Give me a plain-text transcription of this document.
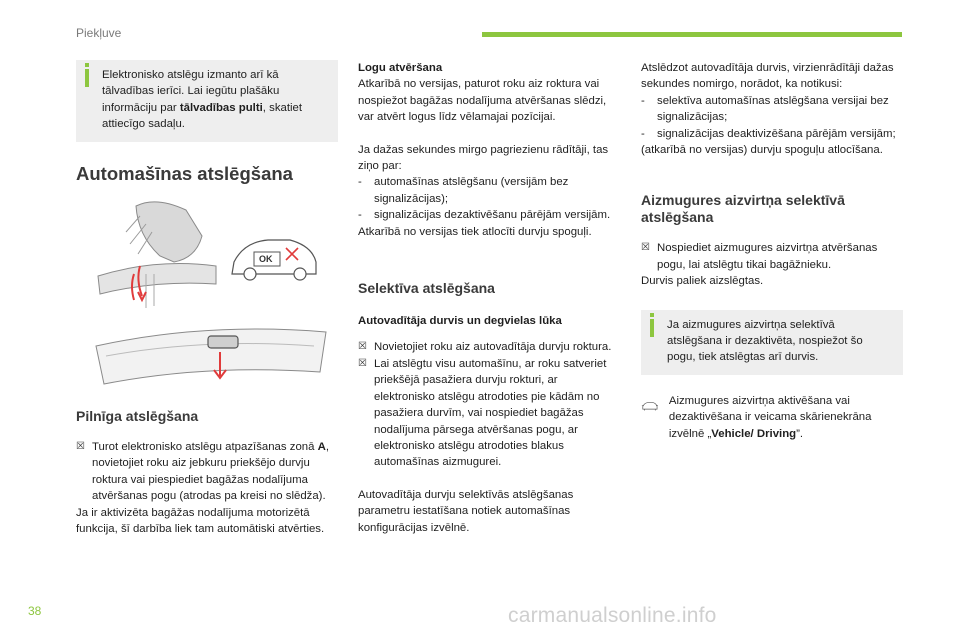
Piekļuve

Elektronisko atslēgu izmanto arī kā tālvadības ierīci. Lai iegūtu plašāku informāciju par tālvadības pulti, skatiet attiecīgo sadaļu.

Automašīnas atslēgšana
OK
Pilnīga atslēgšana
☒ Turot elektronisko atslēgu atpazīšanas zonā A, novietojiet roku aiz jebkuru priekšējo durvju roktura vai piespiediet bagāžas nodalījuma atvēršanas pogu (atrodas pa kreisi no slēdža).

Ja ir aktivizēta bagāžas nodalījuma motorizētā funkcija, šī darbība liek tam automātiski atvērties.

Logu atvēršana

Atkarībā no versijas, paturot roku aiz roktura vai nospiežot bagāžas nodalījuma atvēršanas slēdzi, var atvērt logus līdz vēlamajai pozīcijai.

Ja dažas sekundes mirgo pagriezienu rādītāji, tas ziņo par:

-	automašīnas atslēgšanu (versijām bez signalizācijas);

-	signalizācijas dezaktivēšanu pārējām versijām.

Atkarībā no versijas tiek atlocīti durvju spoguļi.

Selektīva atslēgšana

Autovadītāja durvis un degvielas lūka

☒ Novietojiet roku aiz autovadītāja durvju roktura.

☒ Lai atslēgtu visu automašīnu, ar roku satveriet priekšējā pasažiera durvju rokturi, ar elektronisko atslēgu atrodoties pie kādām no pasažiera durvīm, vai nospiediet bagāžas nodalījuma pārsega atvēršanas pogu, ar elektronisko atslēgu atrodoties blakus automašīnas aizmugurei.

Autovadītāja durvju selektīvās atslēgšanas parametru iestatīšana notiek automašīnas konfigurācijas izvēlnē.

Atslēdzot autovadītāja durvis, virzienrādītāji dažas sekundes nomirgo, norādot, ka notikusi:

-	selektīva automašīnas atslēgšana versijai bez signalizācijas;

-	signalizācijas deaktivizēšana pārējām versijām;

(atkarībā no versijas) durvju spoguļu atlocīšana.

Aizmugures aizvirtņa selektīvā atslēgšana
☒ Nospiediet aizmugures aizvirtņa atvēršanas pogu, lai atslēgtu tikai bagāžnieku.

Durvis paliek aizslēgtas.

Ja aizmugures aizvirtņa selektīvā atslēgšana ir dezaktivēta, nospiežot šo pogu, tiek atslēgtas arī durvis.

Aizmugures aizvirtņa aktivēšana vai dezaktivēšana ir veicama skārienekrāna izvēlnē „Vehicle/ Driving”.

38	carmanualsonline.info
